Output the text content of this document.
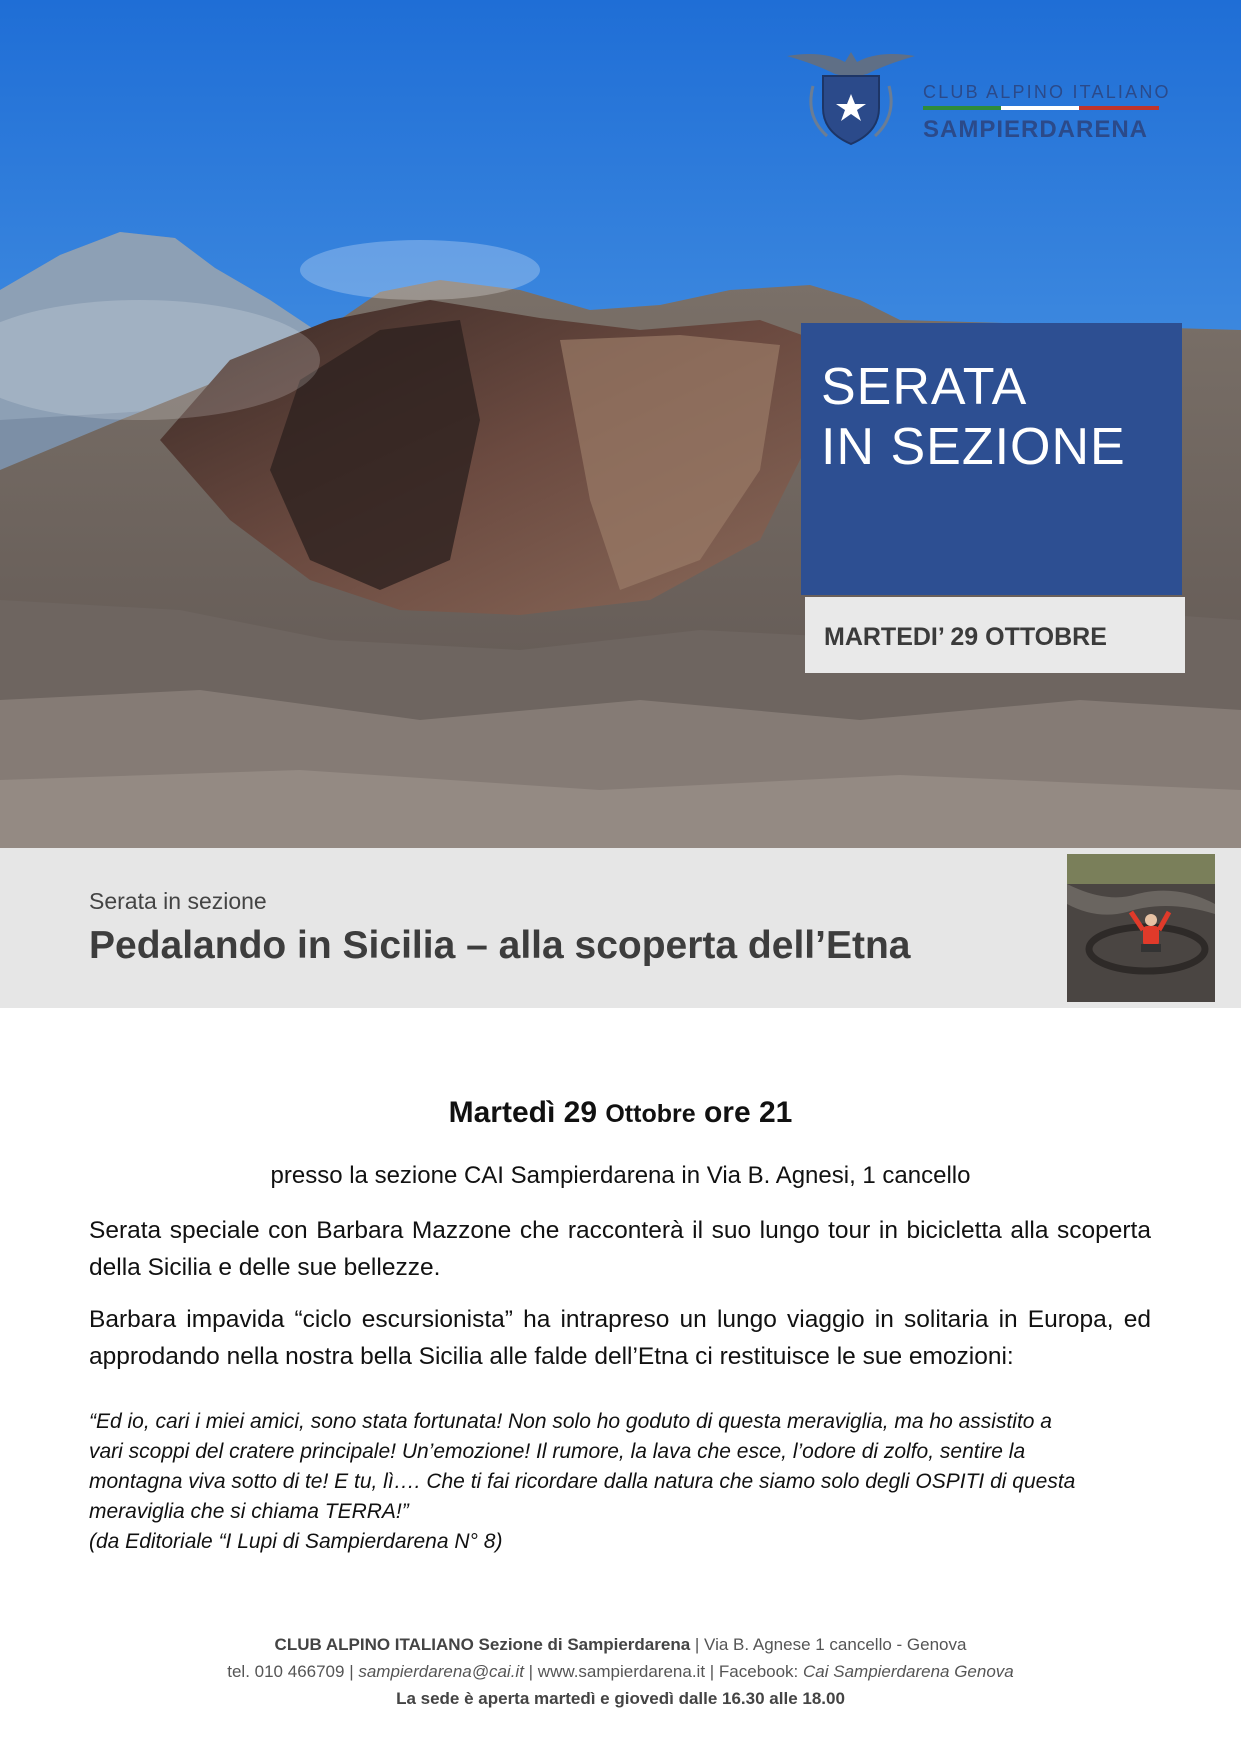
CLUB ALPINO ITALIANO
SAMPIERDARENA
SERATA
IN SEZIONE
MARTEDI’ 29 OTTOBRE
Serata in sezione
Pedalando in Sicilia – alla scoperta dell’Etna
Martedì 29 Ottobre ore 21
presso la sezione CAI Sampierdarena in Via B. Agnesi, 1 cancello
Serata speciale con Barbara Mazzone che racconterà il suo lungo tour in bicicletta alla scoperta della Sicilia e delle sue bellezze.
Barbara impavida “ciclo escursionista” ha intrapreso un lungo viaggio in solitaria in Europa, ed approdando nella nostra bella Sicilia alle falde dell’Etna ci restituisce le sue emozioni:
“Ed io, cari i miei amici, sono stata fortunata! Non solo ho goduto di questa meraviglia, ma ho assistito a
vari scoppi del cratere principale! Un’emozione! Il rumore, la lava che esce, l’odore di zolfo, sentire la
montagna viva sotto di te! E tu, lì…. Che ti fai ricordare dalla natura che siamo solo degli OSPITI di questa
meraviglia che si chiama TERRA!”
(da Editoriale “I Lupi di Sampierdarena N° 8)
CLUB ALPINO ITALIANO Sezione di Sampierdarena | Via B. Agnese 1 cancello - Genova
tel. 010 466709 | sampierdarena@cai.it | www.sampierdarena.it | Facebook: Cai Sampierdarena Genova
La sede è aperta martedì e giovedì dalle 16.30 alle 18.00
